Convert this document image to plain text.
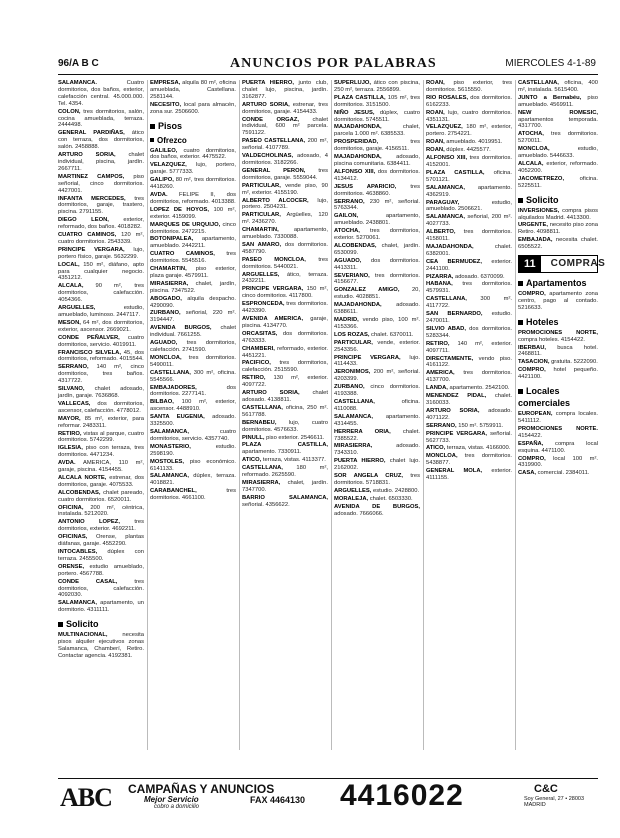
96/A B C	ANUNCIOS POR PALABRAS	MIERCOLES 4-1-89

SALAMANCA. Cuatro dormitorios, dos baños, exterior, calefacción central. 45.000.000. Tel. 4354.

COLON, tres dormitorios, salón, cocina amueblada, terraza. 2444498.

GENERAL PARDIÑAS, ático con terraza, dos dormitorios, salón. 2458888.

ARTURO SORIA, chalet individual, piscina, jardín. 2667711.

MARTINEZ CAMPOS, piso señorial, cinco dormitorios. 4427001.

INFANTA MERCEDES, tres dormitorios, garaje, trastero, piscina. 2791155.

DIEGO LEON, exterior, reformado, dos baños. 4018282.

CUATRO CAMINOS, 120 m², cuatro dormitorios. 2543339.

PRINCIPE VERGARA, lujo, portero físico, garaje. 5632299.

LOCAL, 150 m², diáfano, apto para cualquier negocio. 4351212.

ALCALA, 90 m², tres dormitorios, calefacción. 4054366.

ARGUELLES, estudio, amueblado, luminoso. 2447117.

MESON, 64 m², dos dormitorios, exterior, ascensor. 2669021.

CONDE PEÑALVER, cuatro dormitorios, servicio. 4019911.

FRANCISCO SILVELA, 45, dos dormitorios, reformado. 4015544.

SERRANO, 140 m², cinco dormitorios, tres baños. 4317722.

SILVANO, chalet adosado, jardín, garaje. 7636868.

VALLECAS, dos dormitorios, ascensor, calefacción. 4778012.

MAYOR, 85 m², exterior, para reformar. 2483311.

RETIRO, vistas al parque, cuatro dormitorios. 5742299.

IGLESIA, piso con terraza, tres dormitorios. 4471234.

AVDA. AMERICA, 110 m², garaje, piscina. 4154455.

ALCALA NORTE, estrenar, dos dormitorios, garaje. 4075533.

ALCOBENDAS, chalet pareado, cuatro dormitorios. 6520011.

OFICINA, 200 m², céntrica, instalada. 5212020.

ANTONIO LOPEZ, tres dormitorios, exterior. 4692211.

OFICINAS, Orense, plantas diáfanas, garaje. 4552290.

INTOCABLES, dúplex con terraza. 2455500.

ORENSE, estudio amueblado, portero. 4567788.

CONDE CASAL, tres dormitorios, calefacción. 4092030.

SALAMANCA, apartamento, un dormitorio. 4311111.

Solicito

MULTINACIONAL, necesita pisos alquiler ejecutivos zonas Salamanca, Chamberí, Retiro. Contactar agencia. 4192381.

EMPRESA, alquila 80 m², oficina amueblada, Castellana. 2581144.

NECESITO, local para almacén, zona sur. 2506600.

Pisos
Ofrezco

GALILEO, cuatro dormitorios, dos baños, exterior. 4475522.

VELAZQUEZ, lujo, portero, garaje. 5777333.

GALIPO, 80 m², tres dormitorios. 4418260.

AVDA. FELIPE II, dos dormitorios, reformado. 4013388.

LOPEZ DE HOYOS, 100 m², exterior. 4159099.

MARQUES DE URQUIJO, cinco dormitorios. 2472215.

BOTONIPALEA, apartamento, amueblado. 2442211.

CUATRO CAMINOS, tres dormitorios. 5545516.

CHAMARTIN, piso exterior, plaza garaje. 4579911.

MIRASIERRA, chalet, jardín, piscina. 7347522.

ABOGADO, alquila despacho. 4290090.

ZURBANO, señorial, 220 m². 3194447.

AVENIDA BURGOS, chalet individual. 7661255.

AGUADO, tres dormitorios, calefacción. 2741590.

MONCLOA, tres dormitorios. 5490011.

CASTELLANA, 300 m², oficina. 5545566.

EMBAJADORES, dos dormitorios. 2277141.

BILBAO, 100 m², exterior, ascensor. 4488910.

SANTA EUGENIA, adosado. 3325500.

SALAMANCA, cuatro dormitorios, servicio. 4357740.

MONASTERIO, estudio. 2598190.

MOSTOLES, piso económico. 6141133.

SALAMANCA, dúplex, terraza. 4018821.

CARABANCHEL, tres dormitorios. 4661100.

PUERTA HIERRO, junto club, chalet lujo, piscina, jardín. 3162877.

ARTURO SORIA, estrenar, tres dormitorios, garaje. 4154433.

CONDE ORGAZ, chalet individual, 600 m² parcela. 7591122.

PASEO CASTELLANA, 200 m², señorial. 4107789.

VALDECHOLINAS, adosado, 4 dormitorios. 3182266.

GENERAL PERON, tres dormitorios, garaje. 5559044.

PARTICULAR, vende piso, 90 m², exterior. 4155190.

ALBERTO ALCOCER, lujo, portero. 2504231.

PARTICULAR, Argüelles, 120 m². 2436270.

CHAMARTIN, apartamento, amueblado. 7330088.

SAN AMARO, dos dormitorios. 4587790.

PASEO MONCLOA, tres dormitorios. 5440021.

ARGUELLES, ático, terraza. 2432211.

PRINCIPE VERGARA, 150 m², cinco dormitorios. 4117800.

ESPRONCEDA, tres dormitorios. 4423390.

AVENIDA AMERICA, garaje, piscina. 4134770.

ORCASITAS, dos dormitorios. 4763333.

CHAMBERI, reformado, exterior. 4451221.

PACIFICO, tres dormitorios, calefacción. 2515590.

RETIRO, 130 m², exterior. 4097722.

ARTURO SORIA, chalet adosado. 4138811.

CASTELLANA, oficina, 250 m². 5617788.

BERNABEU, lujo, cuatro dormitorios. 4576633.

PINULL, piso exterior. 2546611.

PLAZA CASTILLA, apartamento. 7330911.

ATICO, terraza, vistas. 4113377.

CASTELLANA, 180 m², reformado. 2625590.

MIRASIERRA, chalet, jardín. 7347700.

BARRIO SALAMANCA, señorial. 4356622.

SUPERLUJO, ático con piscina, 250 m², terraza. 2556899.

PLAZA CASTILLA, 105 m², tres dormitorios. 3151500.

NIÑO JESUS, dúplex, cuatro dormitorios. 5745511.

MAJADAHONDA, chalet, parcela 1.000 m². 6385533.

PROSPERIDAD, tres dormitorios, garaje. 4156511.

MAJADAHONDA, adosado, piscina comunitaria. 6384411.

ALFONSO XIII, dos dormitorios. 4134412.

JESUS APARICIO, tres dormitorios. 4638860.

SERRANO, 230 m², señorial. 5763344.

GAILON, apartamento, amueblado. 2438801.

ATOCHA, tres dormitorios, exterior. 5270061.

ALCOBENDAS, chalet, jardín. 6530099.

AGUADO, dos dormitorios. 4413311.

SEVERIANO, tres dormitorios. 4156677.

GONZALEZ AMIGO, 20, estudio. 4028851.

MAJADAHONDA, adosado. 6388611.

MADRID, vendo piso, 100 m². 4153366.

LOS ROZAS, chalet. 6370011.

PARTICULAR, vende, exterior. 2543356.

PRINCIPE VERGARA, lujo. 4114433.

JERONIMOS, 200 m², señorial. 4203399.

ZURBANO, cinco dormitorios. 4193388.

CASTELLANA, oficina. 4110088.

SALAMANCA, apartamento. 4314455.

HERRERA ORIA, chalet. 7385522.

MIRASIERRA, adosado. 7343310.

PUERTA HIERRO, chalet lujo. 2162002.

SOR ANGELA CRUZ, tres dormitorios. 5718831.

ARGUELLES, estudio. 2428800.

MORALEJA, chalet. 6503330.

AVENIDA DE BURGOS, adosado. 7666066.

ROAN, piso exterior, tres dormitorios. 5615550.

RIO ROSALES, dos dormitorios. 6162233.

ROAN, lujo, cuatro dormitorios. 4351131.

VELAZQUEZ, 180 m², exterior, portero. 2754221.

ROAN, amueblado. 4019951.

ROAN, dúplex. 4425577.

ALFONSO XIII, tres dormitorios. 4152001.

PLAZA CASTILLA, oficina. 5701121.

SALAMANCA, apartamento. 4362919.

PARAGUAY, estudio, amueblado. 2506621.

SALAMANCA, señorial, 200 m². 4027733.

ALBERTO, tres dormitorios. 4158011.

MAJADAHONDA, chalet. 6382001.

CEA BERMUDEZ, exterior. 2441100.

PIZARRA, adosado. 6370099.

HABANA, tres dormitorios. 4579931.

CASTELLANA, 300 m². 4117722.

SAN BERNARDO, estudio. 2470011.

SILVIO ABAD, dos dormitorios. 5283344.

RETIRO, 140 m², exterior. 4097711.

DIRECTAMENTE, vendo piso. 4161122.

AMERICA, tres dormitorios. 4137700.

LANDA, apartamento. 2542100.

MENENDEZ PIDAL, chalet. 3160033.

ARTURO SORIA, adosado. 4071122.

SERRANO, 150 m². 5759911.

PRINCIPE VERGARA, señorial. 5627733.

ATICO, terraza, vistas. 4166000.

MONCLOA, tres dormitorios. 5438877.

GENERAL MOLA, exterior. 4111155.

CASTELLANA, oficina, 400 m², instalada. 5615400.

JUNTO a Bernabéu, piso amueblado. 4569911.

NEW ROMESIC, apartamentos temporada. 4317700.

ATOCHA, tres dormitorios. 5270011.

MONCLOA, estudio, amueblado. 5446633.

ALCALA, exterior, reformado. 4052200.

JACOMETREZO, oficina. 5225511.

Solicito

INVERSIONES, compra pisos alquilados Madrid. 4413300.

URGENTE, necesito piso zona Retiro. 4098811.

EMBAJADA, necesita chalet. 6505522.

11	COMPRAS
Apartamentos

COMPRO, apartamento zona centro, pago al contado. 5216633.

Hoteles

PROMOCIONES NORTE, compra hoteles. 4154422.

IBERBAU, busca hotel. 2468811.

TASACION, gratuita. 5222090.

COMPRO, hotel pequeño. 4421100.

Locales comerciales

EUROPEAN, compra locales. 5411112.

PROMOCIONES NORTE. 4154422.

ESPAÑA, compra local esquina. 4471100.

COMPRO, local 100 m². 4319900.

CASA, comercial. 2384011.

ABC CAMPAÑAS Y ANUNCIOS
Mejor Servicio	FAX 4464130
cobro a domicilio	4416022	C&C
Soy General, 27 • 28003 MADRID
